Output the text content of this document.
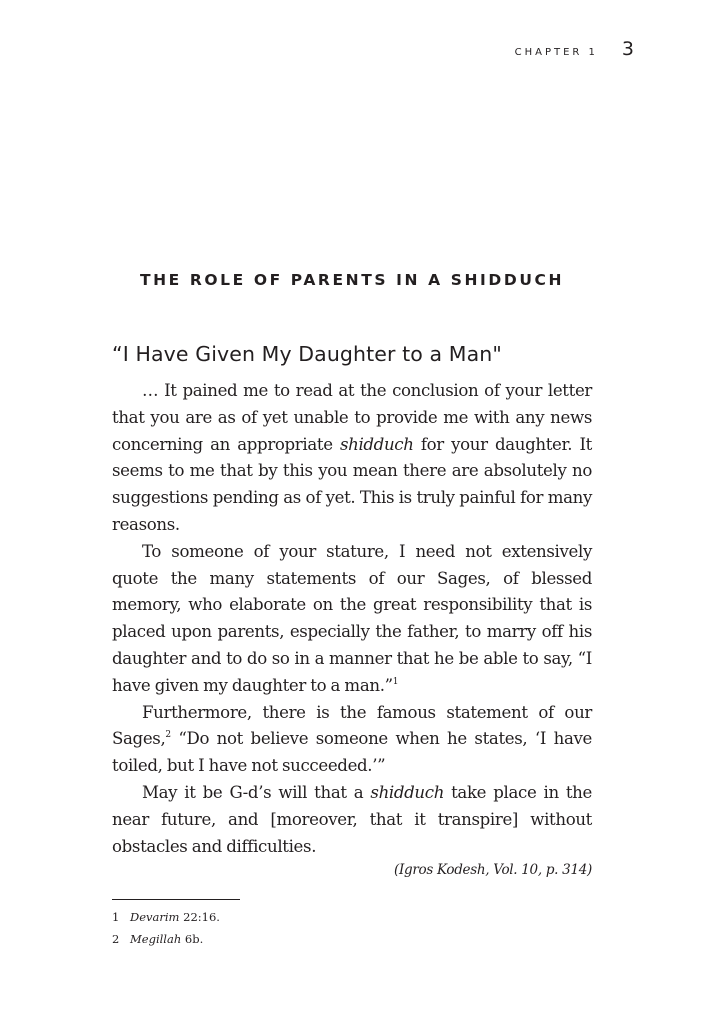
CHAPTER 1 3
THE ROLE OF PARENTS IN A SHIDDUCH
“I Have Given My Daughter to a Man"

… It pained me to read at the conclusion of your letter that you are as of yet unable to provide me with any news concerning an appropriate shidduch for your daughter. It seems to me that by this you mean there are absolutely no suggestions pending as of yet. This is truly painful for many reasons.

To someone of your stature, I need not extensively quote the many statements of our Sages, of blessed memory, who elaborate on the great responsibility that is placed upon parents, especially the father, to marry off his daughter and to do so in a manner that he be able to say, “I have given my daughter to a man.”$^1$

Furthermore, there is the famous statement of our Sages,$^2$ “Do not believe someone when he states, ‘I have toiled, but I have not succeeded.’”

May it be G-d’s will that a shidduch take place in the near future, and [moreover, that it transpire] without obstacles and difficulties.

(Igros Kodesh, Vol. 10, p. 314)
1 Devarim 22:16.
2 Megillah 6b.
